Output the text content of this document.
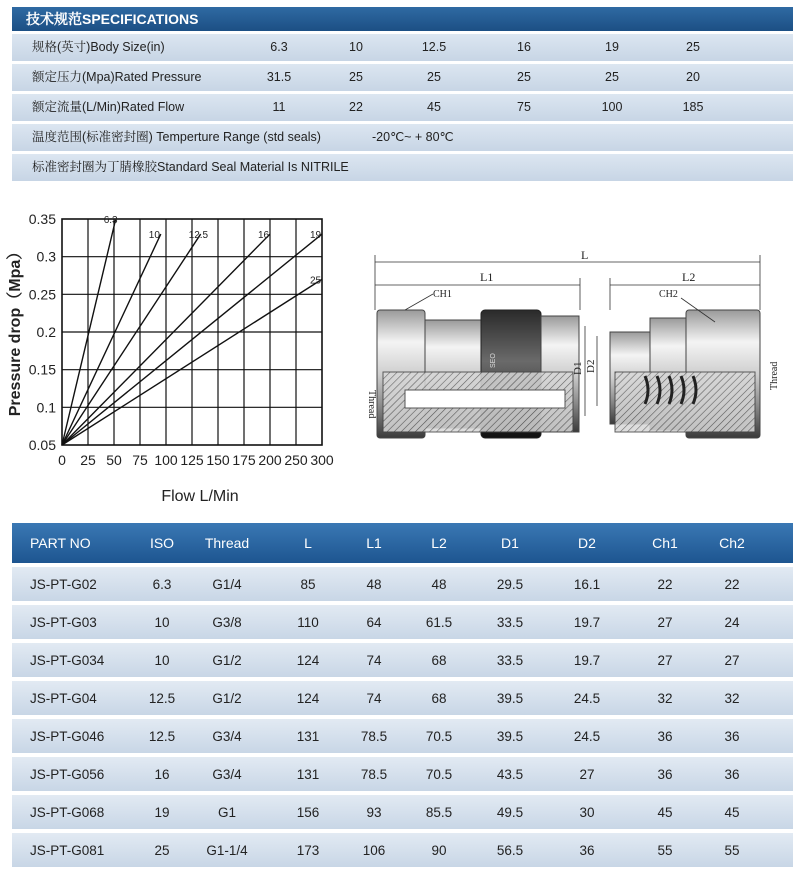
技术规范SPECIFICATIONS
规格(英寸)Body Size(in)	6.3	10	12.5	16	19	25
额定压力(Mpa)Rated Pressure	31.5	25	25	25	25	20
额定流量(L/Min)Rated Flow	11	22	45	75	100	185
温度范围(标准密封圈) Temperture Range (std seals)	-20℃~ + 80℃
标准密封圈为丁腈橡胶Standard Seal Material Is NITRILE
6.3
10	12.5	16	19
25
0 25 50 75 100 125 150 175 200 250 300
0.05
0.1
0.15
0.2
0.25
0.3
0.35
Flow L/Min
Pressure drop（Mpa）	L
L1	L2
SEO
D1 D2
CH1	CH2
Thread
Thread
PART NO	ISO	Thread	L	L1	L2	D1	D2	Ch1	Ch2
JS-PT-G02	6.3	G1/4	85	48	48	29.5	16.1	22	22
JS-PT-G03	10	G3/8	110	64	61.5	33.5	19.7	27	24
JS-PT-G034	10	G1/2	124	74	68	33.5	19.7	27	27
JS-PT-G04	12.5	G1/2	124	74	68	39.5	24.5	32	32
JS-PT-G046	12.5	G3/4	131	78.5	70.5	39.5	24.5	36	36
JS-PT-G056	16	G3/4	131	78.5	70.5	43.5	27	36	36
JS-PT-G068	19	G1	156	93	85.5	49.5	30	45	45
JS-PT-G081	25	G1-1/4	173	106	90	56.5	36	55	55
